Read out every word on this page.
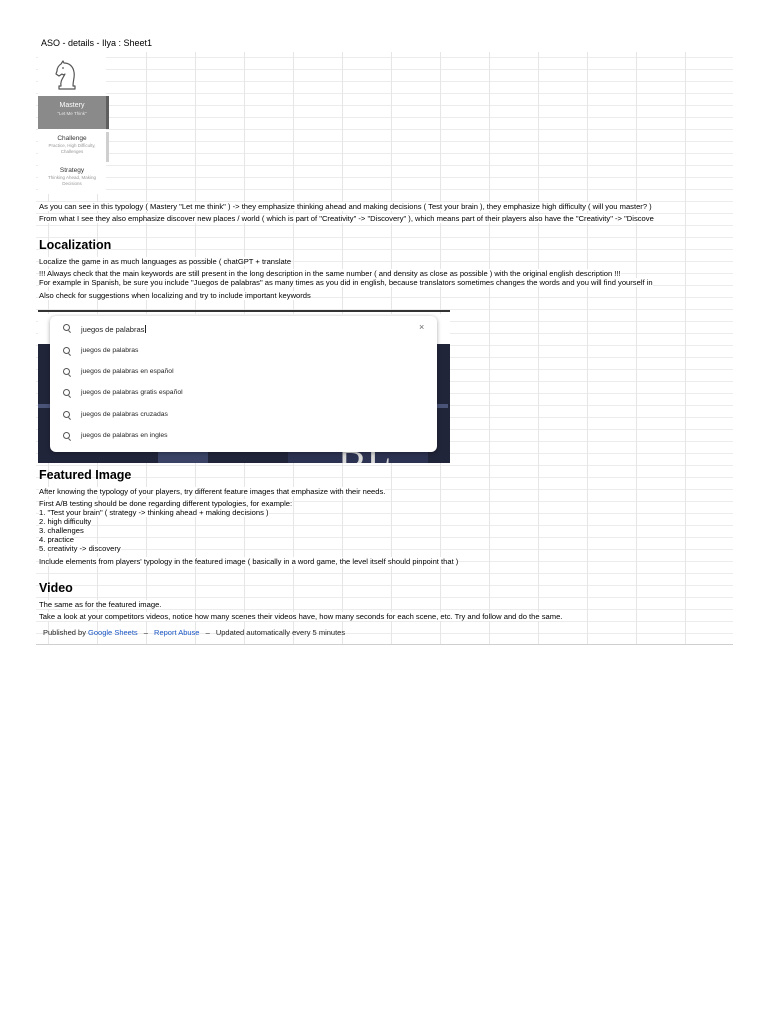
ASO - details - Ilya : Sheet1
Mastery
"Let Me Think"
Challenge
Practice, High Difficulty, Challenges
Strategy
Thinking Ahead, Making Decisions
As you can see in this typology ( Mastery "Let me think" ) -> they emphasize thinking ahead and making decisions ( Test your brain ), they emphasize high difficulty ( will you master? )
From what I see they also emphasize discover new places / world ( which is part of "Creativity" -> "Discovery" ), which means part of their players also have the "Creativity" -> "Discove
Localization
Localize the game in as much languages as possible ( chatGPT + translate
!!! Always check that the main keywords are still present in the long description in the same number ( and density as close as possible ) with the original english description !!!
For example in Spanish, be sure you include "Juegos de palabras" as many times as you did in english, because translators sometimes changes the words and you will find yourself in
Also check for suggestions when localizing and try to include important keywords
juegos de palabras	×
juegos de palabras
juegos de palabras en español
juegos de palabras gratis español
juegos de palabras cruzadas
juegos de palabras en ingles
Featured Image
After knowing the typology of your players, try different feature images that emphasize with their needs.
First A/B testing should be done regarding different typologies, for example:
1. "Test your brain" ( strategy -> thinking ahead + making decisions )
2. high difficulty
3. challenges
4. practice
5. creativity -> discovery
Include elements from players' typology in the featured image ( basically in a word game, the level itself should pinpoint that )
Video
The same as for the featured image.
Take a look at your competitors videos, notice how many scenes their videos have, how many seconds for each scene, etc. Try and follow and do the same.
Published by Google Sheets – Report Abuse – Updated automatically every 5 minutes
